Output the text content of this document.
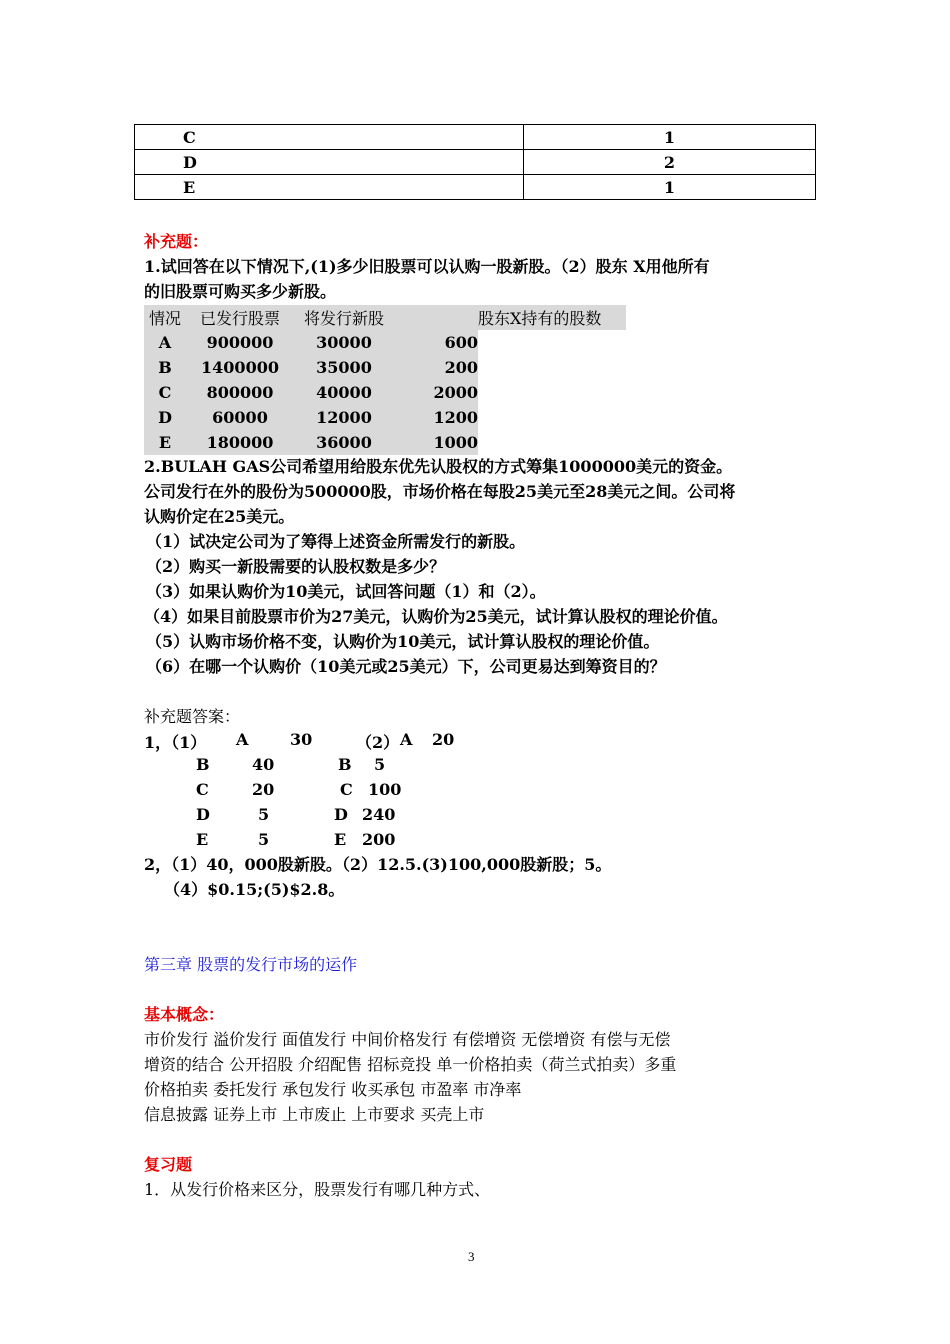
C	1
D	2
E	1
补充题：
1.试回答在以下情况下,(1)多少旧股票可以认购一股新股。（2）股东 X用他所有
的旧股票可购买多少新股。
情况	已发行股票	将发行新股		股东X持有的股数
A	900000	30000	600	
B	1400000	35000	200	
C	800000	40000	2000	
D	60000	12000	1200	
E	180000	36000	1000	
2.BULAH GAS公司希望用给股东优先认股权的方式筹集1000000美元的资金。
公司发行在外的股份为500000股，市场价格在每股25美元至28美元之间。公司将
认购价定在25美元。
（1）试决定公司为了筹得上述资金所需发行的新股。
（2）购买一新股需要的认股权数是多少？
（3）如果认购价为10美元，试回答问题（1）和（2）。
（4）如果目前股票市价为27美元，认购价为25美元，试计算认股权的理论价值。
（5）认购市场价格不变，认购价为10美元，试计算认股权的理论价值。
（6）在哪一个认购价（10美元或25美元）下，公司更易达到筹资目的？
补充题答案：
1，（1）	（2）
A	30	A 20
B	40	B 5
C	20	C 100
D	5	D 240
E	5	E 200
2，（1）40，000股新股。（2）12.5.(3)100,000股新股；5。
（4）$0.15;(5)$2.8。
第三章 股票的发行市场的运作
基本概念：
市价发行 溢价发行 面值发行 中间价格发行 有偿增资 无偿增资 有偿与无偿
增资的结合 公开招股 介绍配售 招标竞投 单一价格拍卖（荷兰式拍卖）多重
价格拍卖 委托发行 承包发行 收买承包 市盈率 市净率
信息披露 证券上市 上市废止 上市要求 买壳上市
复习题
1．从发行价格来区分，股票发行有哪几种方式、
3
